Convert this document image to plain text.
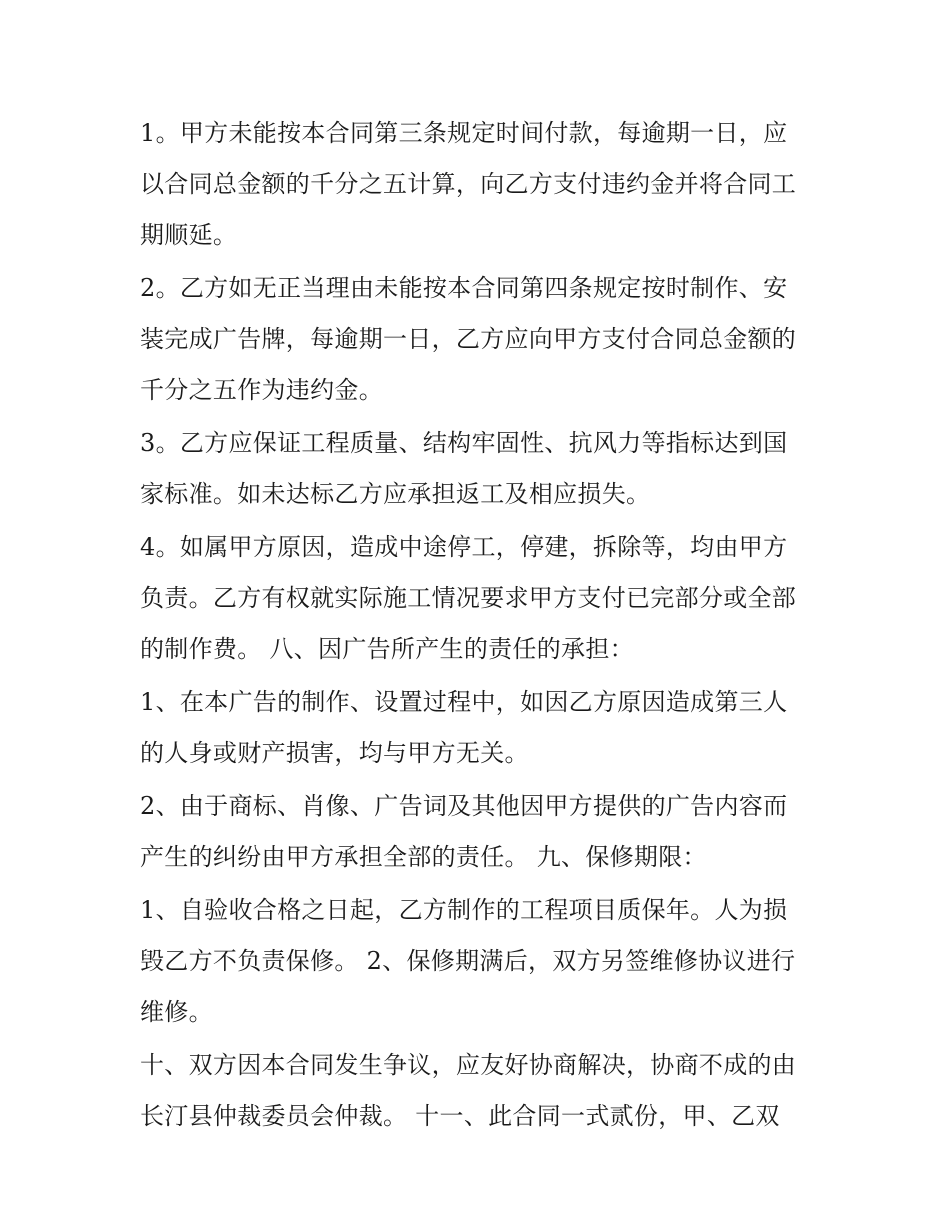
1。甲方未能按本合同第三条规定时间付款，每逾期一日，应
以合同总金额的千分之五计算，向乙方支付违约金并将合同工
期顺延。
2。乙方如无正当理由未能按本合同第四条规定按时制作、安
装完成广告牌，每逾期一日，乙方应向甲方支付合同总金额的
千分之五作为违约金。
3。乙方应保证工程质量、结构牢固性、抗风力等指标达到国
家标准。如未达标乙方应承担返工及相应损失。
4。如属甲方原因，造成中途停工，停建，拆除等，均由甲方
负责。乙方有权就实际施工情况要求甲方支付已完部分或全部
的制作费。 八、因广告所产生的责任的承担：
1、在本广告的制作、设置过程中，如因乙方原因造成第三人
的人身或财产损害，均与甲方无关。
2、由于商标、肖像、广告词及其他因甲方提供的广告内容而
产生的纠纷由甲方承担全部的责任。 九、保修期限：
1、自验收合格之日起，乙方制作的工程项目质保年。人为损
毁乙方不负责保修。 2、保修期满后，双方另签维修协议进行
维修。
十、双方因本合同发生争议，应友好协商解决，协商不成的由
长汀县仲裁委员会仲裁。 十一、此合同一式贰份，甲、乙双
